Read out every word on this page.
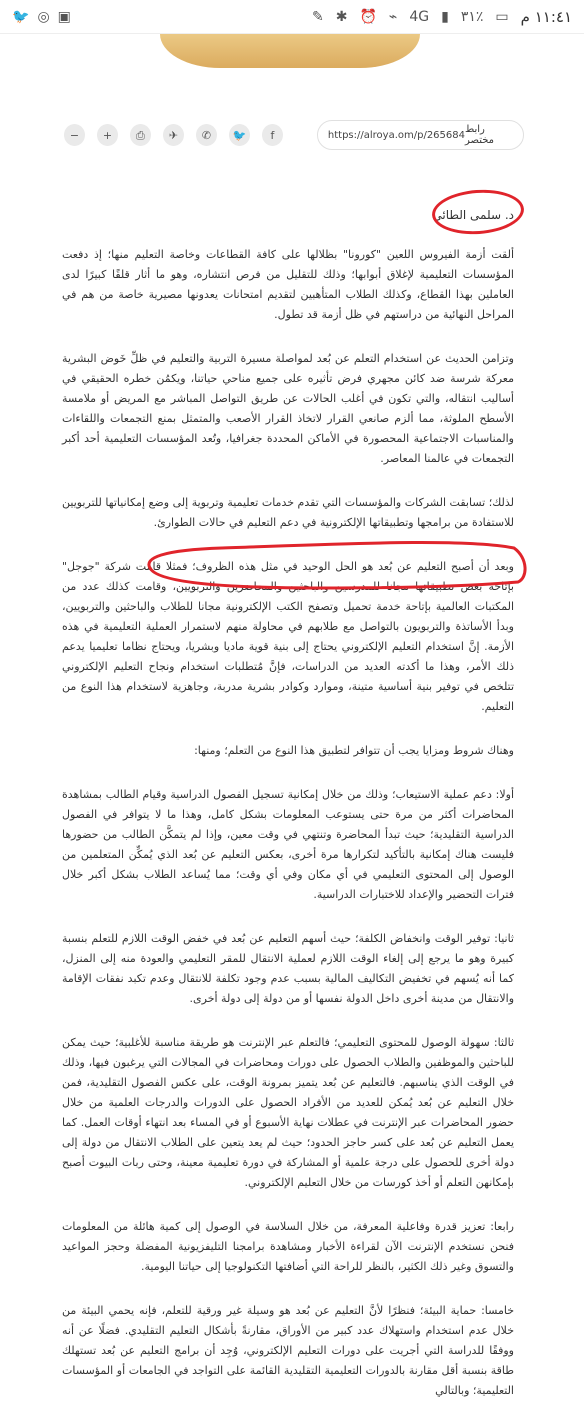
🐦 ◎ ▣	✎ ✱ ⏰ ⌁ 4G ▮ ٣١٪ ▭ ١١:٤١ م
−	+	⎙	✈	✆	🐦	f	https://alroya.om/p/265684 رابط مختصر
د. سلمى الطائي

ألقت أزمة الفيروس اللعين "كورونا" بظلالها على كافة القطاعات وخاصة التعليم منها؛ إذ دفعت المؤسسات التعليمية لإغلاق أبوابها؛ وذلك للتقليل من فرص انتشاره، وهو ما أثار قلقًا كبيرًا لدى العاملين بهذا القطاع، وكذلك الطلاب المتأهبين لتقديم امتحانات يعدونها مصيرية خاصة من هم في المراحل النهائية من دراستهم في ظل أزمة قد تطول.

وتزامن الحديث عن استخدام التعلم عن بُعد لمواصلة مسيرة التربية والتعليم في ظلِّ خَوض البشرية معركة شرسة ضد كائن مجهري فرض تأثيره على جميع مناحي حياتنا، ويكمُن خطره الحقيقي في أساليب انتقاله، والتي تكون في أغلب الحالات عن طريق التواصل المباشر مع المريض أو ملامسة الأسطح الملوثة، مما ألزم صانعي القرار لاتخاذ القرار الأصعب والمتمثل بمنع التجمعات واللقاءات والمناسبات الاجتماعية المحصورة في الأماكن المحددة جغرافيا، وتُعد المؤسسات التعليمية أحد أكبر التجمعات في عالمنا المعاصر.

لذلك؛ تسابقت الشركات والمؤسسات التي تقدم خدمات تعليمية وتربوية إلى وضع إمكانياتها للتربويين للاستفادة من برامجها وتطبيقاتها الإلكترونية في دعم التعليم في حالات الطوارئ.

وبعد أن أصبح التعليم عن بُعد هو الحل الوحيد في مثل هذه الظروف؛ فمثلا قامت شركة "جوجل" بإتاحة بعض تطبيقاتها مجانا للمدرسين والباحثين والمحاضرين والتربويين، وقامت كذلك عدد من المكتبات العالمية بإتاحة خدمة تحميل وتصفح الكتب الإلكترونية مجانا للطلاب والباحثين والتربويين، وبدأ الأساتذة والتربويون بالتواصل مع طلابهم في محاولة منهم لاستمرار العملية التعليمية في هذه الأزمة. إنَّ استخدام التعليم الإلكتروني يحتاج إلى بنية قوية ماديا وبشريا، ويحتاج نظاما تعليميا يدعم ذلك الأمر، وهذا ما أكدته العديد من الدراسات، فإنَّ مُتطلبات استخدام ونجاح التعليم الإلكتروني تتلخص في توفير بنية أساسية متينة، وموارد وكوادر بشرية مدربة، وجاهزية لاستخدام هذا النوع من التعليم.

وهناك شروط ومزايا يجب أن تتوافر لتطبيق هذا النوع من التعلم؛ ومنها:

أولا: دعم عملية الاستيعاب؛ وذلك من خلال إمكانية تسجيل الفصول الدراسية وقيام الطالب بمشاهدة المحاضرات أكثر من مرة حتى يستوعب المعلومات بشكل كامل، وهذا ما لا يتوافر في الفصول الدراسية التقليدية؛ حيث تبدأ المحاضرة وتنتهي في وقت معين، وإذا لم يتمكَّن الطالب من حضورها فليست هناك إمكانية بالتأكيد لتكرارها مرة أخرى، بعكس التعليم عن بُعد الذي يُمكِّن المتعلمين من الوصول إلى المحتوى التعليمي في أي مكان وفي أي وقت؛ مما يُساعد الطلاب بشكل أكبر خلال فترات التحضير والإعداد للاختبارات الدراسية.

ثانيا: توفير الوقت وانخفاض الكلفة؛ حيث أسهم التعليم عن بُعد في خفض الوقت اللازم للتعلم بنسبة كبيرة وهو ما يرجع إلى إلغاء الوقت اللازم لعملية الانتقال للمقر التعليمي والعودة منه إلى المنزل، كما أنه يُسهم في تخفيض التكاليف المالية بسبب عدم وجود تكلفة للانتقال وعدم تكبد نفقات الإقامة والانتقال من مدينة أخرى داخل الدولة نفسها أو من دولة إلى دولة أخرى.

ثالثا: سهولة الوصول للمحتوى التعليمي؛ فالتعلم عبر الإنترنت هو طريقة مناسبة للأغلبية؛ حيث يمكن للباحثين والموظفين والطلاب الحصول على دورات ومحاضرات في المجالات التي يرغبون فيها، وذلك في الوقت الذي يناسبهم. فالتعليم عن بُعد يتميز بمرونة الوقت، على عكس الفصول التقليدية، فمن خلال التعليم عن بُعد يُمكن للعديد من الأفراد الحصول على الدورات والدرجات العلمية من خلال حضور المحاضرات عبر الإنترنت في عطلات نهاية الأسبوع أو في المساء بعد انتهاء أوقات العمل. كما يعمل التعليم عن بُعد على كسر حاجز الحدود؛ حيث لم يعد يتعين على الطلاب الانتقال من دولة إلى دولة أخرى للحصول على درجة علمية أو المشاركة في دورة تعليمية معينة، وحتى ربات البيوت أصبح بإمكانهن التعلم أو أخذ كورسات من خلال التعليم الإلكتروني.

رابعا: تعزيز قدرة وفاعلية المعرفة، من خلال السلاسة في الوصول إلى كمية هائلة من المعلومات فنحن نستخدم الإنترنت الآن لقراءة الأخبار ومشاهدة برامجنا التليفزيونية المفضلة وحجز المواعيد والتسوق وغير ذلك الكثير، بالنظر للراحة التي أضافتها التكنولوجيا إلى حياتنا اليومية.

خامسا: حماية البيئة؛ فنظرًا لأنَّ التعليم عن بُعد هو وسيلة غير ورقية للتعلم، فإنه يحمي البيئة من خلال عدم استخدام واستهلاك عدد كبير من الأوراق، مقارنةً بأشكال التعليم التقليدي. فضلًا عن أنه ووفقًا للدراسة التي أجريت على دورات التعليم الإلكتروني، وُجِد أن برامج التعليم عن بُعد تستهلك طاقة بنسبة أقل مقارنة بالدورات التعليمية التقليدية القائمة على التواجد في الجامعات أو المؤسسات التعليمية؛ وبالتالي
